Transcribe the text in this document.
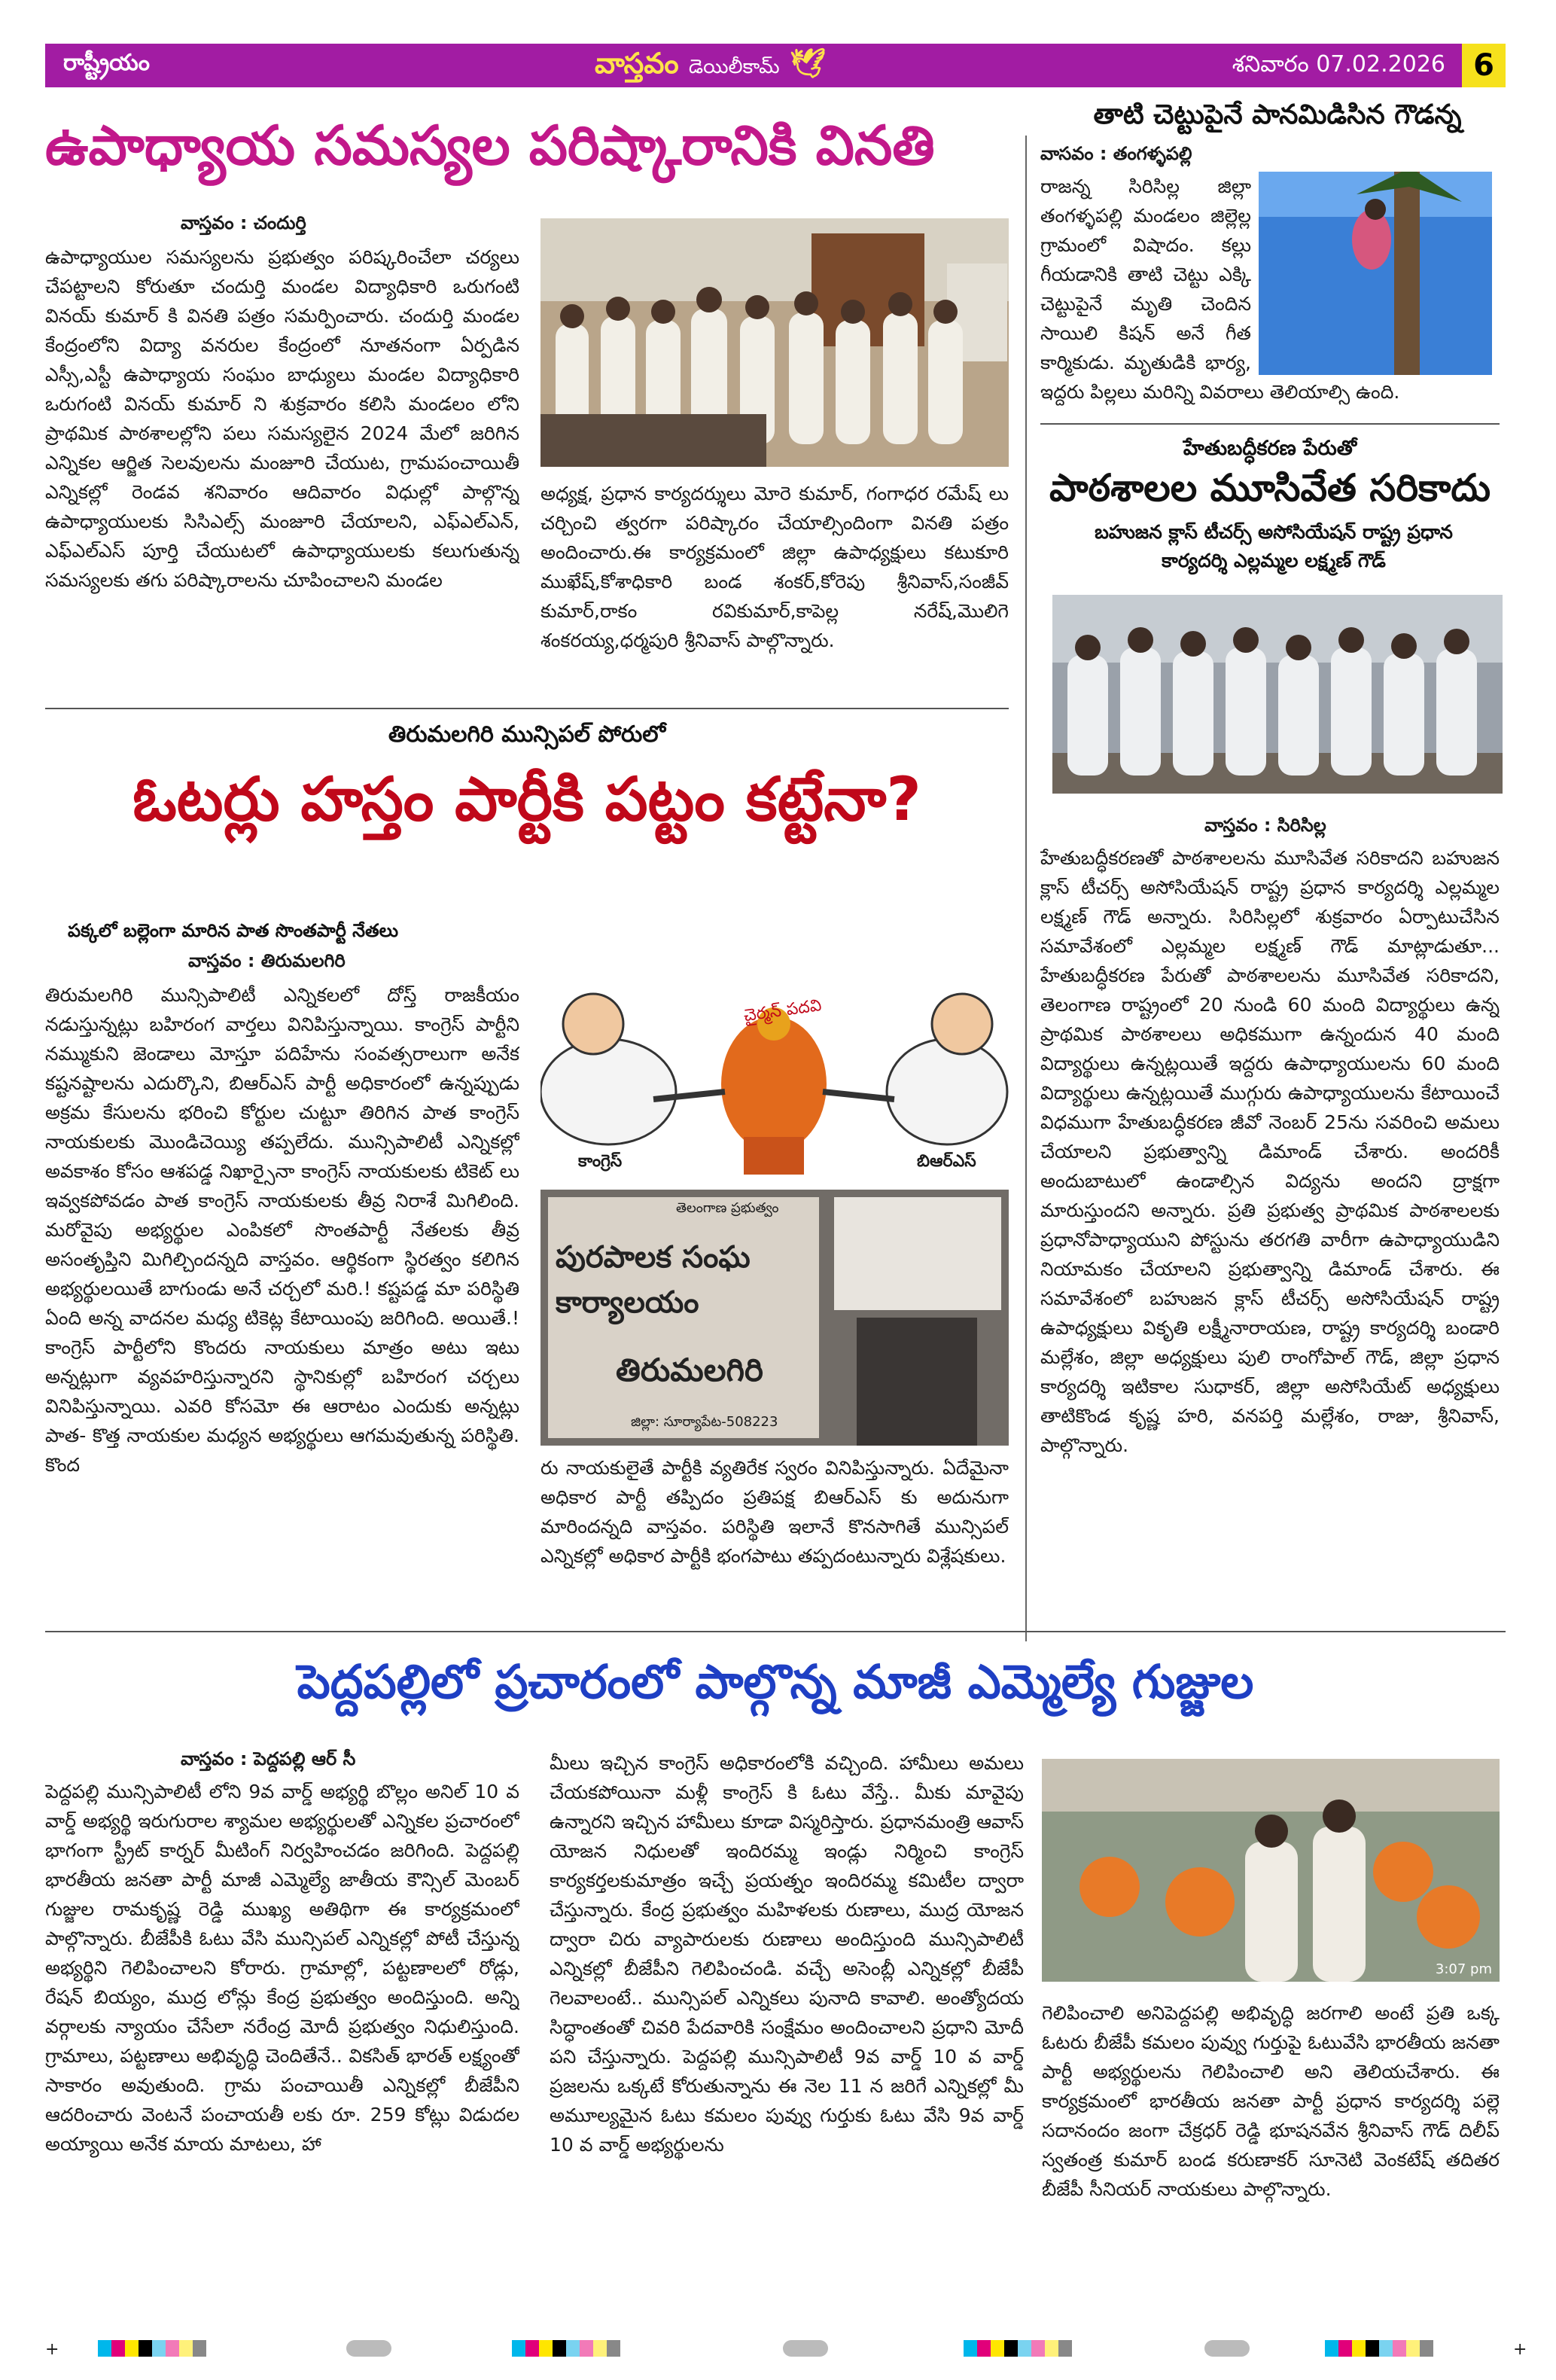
రాష్ట్రీయం	వాస్తవం డెయిలీకామ్ 🕊	శనివారం 07.02.2026 6
ఉపాధ్యాయ సమస్యల పరిష్కారానికి వినతి
వాస్తవం : చందుర్తి
ఉపాధ్యాయుల సమస్యలను ప్రభుత్వం పరిష్కరించేలా చర్యలు చేపట్టాలని కోరుతూ చందుర్తి మండల విద్యాధికారి ఒరుగంటి వినయ్ కుమార్ కి వినతి పత్రం సమర్పించారు. చందుర్తి మండల కేంద్రంలోని విద్యా వనరుల కేంద్రంలో నూతనంగా ఏర్పడిన ఎస్సీ,ఎస్టీ ఉపాధ్యాయ సంఘం బాధ్యులు మండల విద్యాధికారి ఒరుగంటి వినయ్ కుమార్ ని శుక్రవారం కలిసి మండలం లోని ప్రాథమిక పాఠశాలల్లోని పలు సమస్యలైన 2024 మేలో జరిగిన ఎన్నికల ఆర్జిత సెలవులను మంజూరి చేయుట, గ్రామపంచాయితీ ఎన్నికల్లో రెండవ శనివారం ఆదివారం విధుల్లో పాల్గొన్న ఉపాధ్యాయులకు సిసిఎల్స్ మంజూరి చేయాలని, ఎఫ్ఎల్ఎన్, ఎఫ్ఎల్ఎస్ పూర్తి చేయుటలో ఉపాధ్యాయులకు కలుగుతున్న సమస్యలకు తగు పరిష్కారాలను చూపించాలని మండల
అధ్యక్ష, ప్రధాన కార్యదర్శులు మోరె కుమార్, గంగాధర రమేష్ లు చర్చించి త్వరగా పరిష్కారం చేయాల్సిందింగా వినతి పత్రం అందించారు.ఈ కార్యక్రమంలో జిల్లా ఉపాధ్యక్షులు కటుకూరి ముఖేష్,కోశాధికారి బండ శంకర్,కోరెపు శ్రీనివాస్,సంజీవ్ కుమార్,రాకం రవికుమార్,కాపెల్ల నరేష్,మొలిగె శంకరయ్య,ధర్మపురి శ్రీనివాస్ పాల్గొన్నారు.
తాటి చెట్టుపైనే పానమిడిసిన గౌడన్న
వాసవం : తంగళ్ళపల్లి
రాజన్న సిరిసిల్ల జిల్లా తంగళ్ళపల్లి మండలం జిల్లెల్ల గ్రామంలో విషాదం. కల్లు గీయడానికి తాటి చెట్టు ఎక్కి చెట్టుపైనే మృతి చెందిన సాయిలి కిషన్ అనే గీత కార్మికుడు. మృతుడికి భార్య, ఇద్దరు పిల్లలు మరిన్ని వివరాలు తెలియాల్సి ఉంది.
హేతుబద్ధీకరణ పేరుతో
పాఠశాలల మూసివేత సరికాదు
బహుజన క్లాస్ టీచర్స్ అసోసియేషన్ రాష్ట్ర ప్రధాన కార్యదర్శి ఎల్లమ్మల లక్ష్మణ్ గౌడ్
వాస్తవం : సిరిసిల్ల
హేతుబద్ధీకరణతో పాఠశాలలను మూసివేత సరికాదని బహుజన క్లాస్ టీచర్స్ అసోసియేషన్ రాష్ట్ర ప్రధాన కార్యదర్శి ఎల్లమ్మల లక్ష్మణ్ గౌడ్ అన్నారు. సిరిసిల్లలో శుక్రవారం ఏర్పాటుచేసిన సమావేశంలో ఎల్లమ్మల లక్ష్మణ్ గౌడ్ మాట్లాడుతూ... హేతుబద్ధీకరణ పేరుతో పాఠశాలలను మూసివేత సరికాదని, తెలంగాణ రాష్ట్రంలో 20 నుండి 60 మంది విద్యార్థులు ఉన్న ప్రాథమిక పాఠశాలలు అధికముగా ఉన్నందున 40 మంది విద్యార్థులు ఉన్నట్లయితే ఇద్దరు ఉపాధ్యాయులను 60 మంది విద్యార్థులు ఉన్నట్లయితే ముగ్గురు ఉపాధ్యాయులను కేటాయించే విధముగా హేతుబద్ధీకరణ జీవో నెంబర్ 25ను సవరించి అమలు చేయాలని ప్రభుత్వాన్ని డిమాండ్ చేశారు. అందరికీ అందుబాటులో ఉండాల్సిన విద్యను అందని ద్రాక్షగా మారుస్తుందని అన్నారు. ప్రతి ప్రభుత్వ ప్రాథమిక పాఠశాలలకు ప్రధానోపాధ్యాయుని పోస్టును తరగతి వారీగా ఉపాధ్యాయుడిని నియామకం చేయాలని ప్రభుత్వాన్ని డిమాండ్ చేశారు. ఈ సమావేశంలో బహుజన క్లాస్ టీచర్స్ అసోసియేషన్ రాష్ట్ర ఉపాధ్యక్షులు వికృతి లక్ష్మీనారాయణ, రాష్ట్ర కార్యదర్శి బండారి మల్లేశం, జిల్లా అధ్యక్షులు పులి రాంగోపాల్ గౌడ్, జిల్లా ప్రధాన కార్యదర్శి ఇటికాల సుధాకర్, జిల్లా అసోసియేట్ అధ్యక్షులు తాటికొండ కృష్ణ హరి, వనపర్తి మల్లేశం, రాజు, శ్రీనివాస్, పాల్గొన్నారు.
తిరుమలగిరి మున్సిపల్ పోరులో
ఓటర్లు హస్తం పార్టీకి పట్టం కట్టేనా?
పక్కలో బల్లెంగా మారిన పాత సొంతపార్టీ నేతలు
వాస్తవం : తిరుమలగిరి
తిరుమలగిరి మున్సిపాలిటీ ఎన్నికలలో దోస్త్ రాజకీయం నడుస్తున్నట్లు బహిరంగ వార్తలు వినిపిస్తున్నాయి. కాంగ్రెస్ పార్టీని నమ్ముకుని జెండాలు మోస్తూ పదిహేను సంవత్సరాలుగా అనేక కష్టనష్టాలను ఎదుర్కొని, బిఆర్ఎస్ పార్టీ అధికారంలో ఉన్నప్పుడు అక్రమ కేసులను భరించి కోర్టుల చుట్టూ తిరిగిన పాత కాంగ్రెస్ నాయకులకు మొండిచెయ్యి తప్పలేదు. మున్సిపాలిటీ ఎన్నికల్లో అవకాశం కోసం ఆశపడ్డ నిఖార్సైనా కాంగ్రెస్ నాయకులకు టికెట్ లు ఇవ్వకపోవడం పాత కాంగ్రెస్ నాయకులకు తీవ్ర నిరాశే మిగిలింది. మరోవైపు అభ్యర్థుల ఎంపికలో సొంతపార్టీ నేతలకు తీవ్ర అసంతృప్తిని మిగిల్చిందన్నది వాస్తవం. ఆర్థికంగా స్థిరత్వం కలిగిన అభ్యర్థులయితే బాగుండు అనే చర్చలో మరి.! కష్టపడ్డ మా పరిస్థితి ఏంది అన్న వాదనల మధ్య టికెట్ల కేటాయింపు జరిగింది. అయితే.! కాంగ్రెస్ పార్టీలోని కొందరు నాయకులు మాత్రం అటు ఇటు అన్నట్లుగా వ్యవహరిస్తున్నారని స్థానికుల్లో బహిరంగ చర్చలు వినిపిస్తున్నాయి. ఎవరి కోసమో ఈ ఆరాటం ఎందుకు అన్నట్లు పాత- కొత్త నాయకుల మధ్యన అభ్యర్థులు ఆగమవుతున్న పరిస్థితి. కొంద
చైర్మన్ పదవి
కాంగ్రెస్	బిఆర్ఎస్
తెలంగాణ ప్రభుత్వం
పురపాలక సంఘ కార్యాలయం
తిరుమలగిరి
జిల్లా: సూర్యాపేట-508223
రు నాయకులైతే పార్టీకి వ్యతిరేక స్వరం వినిపిస్తున్నారు. ఏదేమైనా అధికార పార్టీ తప్పిదం ప్రతిపక్ష బిఆర్ఎస్ కు అదునుగా మారిందన్నది వాస్తవం. పరిస్థితి ఇలానే కొనసాగితే మున్సిపల్ ఎన్నికల్లో అధికార పార్టీకి భంగపాటు తప్పదంటున్నారు విశ్లేషకులు.
పెద్దపల్లిలో ప్రచారంలో పాల్గొన్న మాజీ ఎమ్మెల్యే గుజ్జుల
వాస్తవం : పెద్దపల్లి ఆర్ సీ
పెద్దపల్లి మున్సిపాలిటీ లోని 9వ వార్డ్ అభ్యర్థి బొల్లం అనిల్ 10 వ వార్డ్ అభ్యర్థి ఇరుగురాల శ్యామల అభ్యర్థులతో ఎన్నికల ప్రచారంలో భాగంగా స్ట్రీట్ కార్నర్ మీటింగ్ నిర్వహించడం జరిగింది. పెద్దపల్లి భారతీయ జనతా పార్టీ మాజీ ఎమ్మెల్యే జాతీయ కౌన్సిల్ మెంబర్ గుజ్జుల రామకృష్ణ రెడ్డి ముఖ్య అతిథిగా ఈ కార్యక్రమంలో పాల్గొన్నారు. బీజేపీకి ఓటు వేసి మున్సిపల్ ఎన్నికల్లో పోటీ చేస్తున్న అభ్యర్థిని గెలిపించాలని కోరారు. గ్రామాల్లో, పట్టణాలలో రోడ్లు, రేషన్ బియ్యం, ముద్ర లోన్లు కేంద్ర ప్రభుత్వం అందిస్తుంది. అన్ని వర్గాలకు న్యాయం చేసేలా నరేంద్ర మోదీ ప్రభుత్వం నిధులిస్తుంది. గ్రామాలు, పట్టణాలు అభివృద్ధి చెందితేనే.. వికసిత్ భారత్ లక్ష్యంతో సాకారం అవుతుంది. గ్రామ పంచాయితీ ఎన్నికల్లో బీజేపీని ఆదరించారు వెంటనే పంచాయతీ లకు రూ. 259 కోట్లు విడుదల అయ్యాయి అనేక మాయ మాటలు, హా
మీలు ఇచ్చిన కాంగ్రెస్ అధికారంలోకి వచ్చింది. హామీలు అమలు చేయకపోయినా మళ్లీ కాంగ్రెస్ కి ఓటు వేస్తే.. మీకు మావైపు ఉన్నారని ఇచ్చిన హామీలు కూడా విస్మరిస్తారు. ప్రధానమంత్రి ఆవాస్ యోజన నిధులతో ఇందిరమ్మ ఇండ్లు నిర్మించి కాంగ్రెస్ కార్యకర్తలకుమాత్రం ఇచ్చే ప్రయత్నం ఇందిరమ్మ కమిటీల ద్వారా చేస్తున్నారు. కేంద్ర ప్రభుత్వం మహిళలకు రుణాలు, ముద్ర యోజన ద్వారా చిరు వ్యాపారులకు రుణాలు అందిస్తుంది మున్సిపాలిటీ ఎన్నికల్లో బీజేపీని గెలిపించండి. వచ్చే అసెంబ్లీ ఎన్నికల్లో బీజేపీ గెలవాలంటే.. మున్సిపల్ ఎన్నికలు పునాది కావాలి. అంత్యోదయ సిద్ధాంతంతో చివరి పేదవారికి సంక్షేమం అందించాలని ప్రధాని మోదీ పని చేస్తున్నారు. పెద్దపల్లి మున్సిపాలిటీ 9వ వార్డ్ 10 వ వార్డ్ ప్రజలను ఒక్కటే కోరుతున్నాను ఈ నెల 11 న జరిగే ఎన్నికల్లో మీ అమూల్యమైన ఓటు కమలం పువ్వు గుర్తుకు ఓటు వేసి 9వ వార్డ్ 10 వ వార్డ్ అభ్యర్థులను
3:07 pm
గెలిపించాలి అనిపెద్దపల్లి అభివృద్ధి జరగాలి అంటే ప్రతి ఒక్క ఓటరు బీజేపీ కమలం పువ్వు గుర్తుపై ఓటువేసి భారతీయ జనతా పార్టీ అభ్యర్థులను గెలిపించాలి అని తెలియచేశారు. ఈ కార్యక్రమంలో భారతీయ జనతా పార్టీ ప్రధాన కార్యదర్శి పల్లె సదానందం జంగా చేక్రధర్ రెడ్డి భూషనవేన శ్రీనివాస్ గౌడ్ దిలీప్ స్వతంత్ర కుమార్ బండ కరుణాకర్ సూనెటి వెంకటేష్ తదితర బీజేపీ సీనియర్ నాయకులు పాల్గొన్నారు.
+	+
